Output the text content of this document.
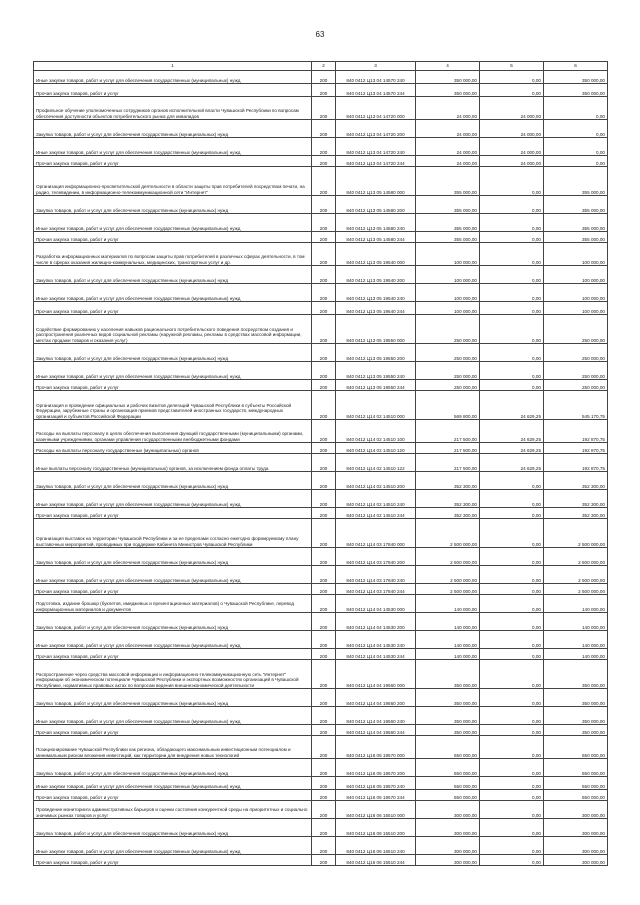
63
1	2	3	4	5	6
Иные закупки товаров, работ и услуг для обеспечения государственных (муниципальных) нужд	200	840 0412 Ц13 04 14570 240	350 000,00	0,00	350 000,00
Прочая закупка товаров, работ и услуг	200	840 0412 Ц13 04 14570 244	350 000,00	0,00	350 000,00
Профильное обучение уполномоченных сотрудников органов исполнительной власти Чувашской Республики по вопросам обеспечения доступности объектов потребительского рынка для инвалидов	200	840 0412 Ц13 04 14720 000	24 000,00	24 000,00	0,00
Закупка товаров, работ и услуг для обеспечения государственных (муниципальных) нужд	200	840 0412 Ц13 04 14720 200	24 000,00	24 000,00	0,00
Иные закупки товаров, работ и услуг для обеспечения государственных (муниципальных) нужд	200	840 0412 Ц13 04 14720 240	24 000,00	24 000,00	0,00
Прочая закупка товаров, работ и услуг	200	840 0412 Ц13 04 14720 244	24 000,00	24 000,00	0,00
Организация информационно-просветительской деятельности в области защиты прав потребителей посредством печати, на радио, телевидении, в информационно-телекоммуникационной сети "Интернет"	200	840 0412 Ц13 05 14580 000	355 000,00	0,00	355 000,00
Закупка товаров, работ и услуг для обеспечения государственных (муниципальных) нужд	200	840 0412 Ц13 05 14580 200	355 000,00	0,00	355 000,00
Иные закупки товаров, работ и услуг для обеспечения государственных (муниципальных) нужд	200	840 0412 Ц13 05 14580 240	355 000,00	0,00	355 000,00
Прочая закупка товаров, работ и услуг	200	840 0412 Ц13 05 14580 244	355 000,00	0,00	355 000,00
Разработка информационных материалов по вопросам защиты прав потребителей в различных сферах деятельности, в том числе в сферах оказания жилищно-коммунальных, медицинских, транспортных услуг и др.	200	840 0412 Ц13 05 19540 000	100 000,00	0,00	100 000,00
Закупка товаров, работ и услуг для обеспечения государственных (муниципальных) нужд	200	840 0412 Ц13 05 19540 200	100 000,00	0,00	100 000,00
Иные закупки товаров, работ и услуг для обеспечения государственных (муниципальных) нужд	200	840 0412 Ц13 05 19540 240	100 000,00	0,00	100 000,00
Прочая закупка товаров, работ и услуг	200	840 0412 Ц13 05 19540 244	100 000,00	0,00	100 000,00
Содействие формированию у населения навыков рационального потребительского поведения посредством создания и распространения различных видов социальной рекламы (наружной рекламы, рекламы в средствах массовой информации, местах продажи товаров и оказания услуг)	200	840 0412 Ц13 05 19550 000	250 000,00	0,00	250 000,00
Закупка товаров, работ и услуг для обеспечения государственных (муниципальных) нужд	200	840 0412 Ц13 05 19550 200	250 000,00	0,00	250 000,00
Иные закупки товаров, работ и услуг для обеспечения государственных (муниципальных) нужд	200	840 0412 Ц13 05 19550 240	250 000,00	0,00	250 000,00
Прочая закупка товаров, работ и услуг	200	840 0412 Ц13 05 19550 244	250 000,00	0,00	250 000,00
Организация и проведение официальных и рабочих визитов делегаций Чувашской Республики в субъекты Российской Федерации, зарубежные страны и организация приемов представителей иностранных государств, международных организаций и субъектов Российской Федерации	200	840 0412 Ц14 02 14510 000	569 800,00	24 629,25	545 170,75
Расходы на выплаты персоналу в целях обеспечения выполнения функций государственными (муниципальными) органами, казенными учреждениями, органами управления государственными внебюджетными фондами	200	840 0412 Ц14 02 14510 100	217 500,00	24 629,25	192 870,75
Расходы на выплаты персоналу государственных (муниципальных) органов	200	840 0412 Ц14 02 14510 120	217 500,00	24 629,25	192 870,75
Иные выплаты персоналу государственных (муниципальных) органов, за исключением фонда оплаты труда	200	840 0412 Ц14 02 14510 122	217 500,00	24 629,25	192 870,75
Закупка товаров, работ и услуг для обеспечения государственных (муниципальных) нужд	200	840 0412 Ц14 02 14510 200	352 300,00	0,00	352 300,00
Иные закупки товаров, работ и услуг для обеспечения государственных (муниципальных) нужд	200	840 0412 Ц14 02 14510 240	352 300,00	0,00	352 300,00
Прочая закупка товаров, работ и услуг	200	840 0412 Ц14 02 14510 244	352 300,00	0,00	352 300,00
Организация выставок на территории Чувашской Республики и за ее пределами согласно ежегодно формируемому плану выставочных мероприятий, проводимых при поддержке Кабинета Министров Чувашской Республики	200	840 0412 Ц14 03 17840 000	2 500 000,00	0,00	2 500 000,00
Закупка товаров, работ и услуг для обеспечения государственных (муниципальных) нужд	200	840 0412 Ц14 03 17840 200	2 500 000,00	0,00	2 500 000,00
Иные закупки товаров, работ и услуг для обеспечения государственных (муниципальных) нужд	200	840 0412 Ц14 03 17840 240	2 500 000,00	0,00	2 500 000,00
Прочая закупка товаров, работ и услуг	200	840 0412 Ц14 03 17840 244	2 500 000,00	0,00	2 500 000,00
Подготовка, издание брошюр (буклетов, имиджевых и презентационных материалов) о Чувашской Республике, перевод информационных материалов и документов	200	840 0412 Ц14 04 14530 000	140 000,00	0,00	140 000,00
Закупка товаров, работ и услуг для обеспечения государственных (муниципальных) нужд	200	840 0412 Ц14 04 14530 200	140 000,00	0,00	140 000,00
Иные закупки товаров, работ и услуг для обеспечения государственных (муниципальных) нужд	200	840 0412 Ц14 04 14530 240	140 000,00	0,00	140 000,00
Прочая закупка товаров, работ и услуг	200	840 0412 Ц14 04 14530 244	140 000,00	0,00	140 000,00
Распространение через средства массовой информации и информационно-телекоммуникационную сеть "Интернет" информации об экономическом потенциале Чувашской Республики и экспортных возможностях организаций в Чувашской Республике, нормативных правовых актах по вопросам ведения внешнеэкономической деятельности	200	840 0412 Ц14 04 19560 000	350 000,00	0,00	350 000,00
Закупка товаров, работ и услуг для обеспечения государственных (муниципальных) нужд	200	840 0412 Ц14 04 19560 200	350 000,00	0,00	350 000,00
Иные закупки товаров, работ и услуг для обеспечения государственных (муниципальных) нужд	200	840 0412 Ц14 04 19560 240	350 000,00	0,00	350 000,00
Прочая закупка товаров, работ и услуг	200	840 0412 Ц14 04 19560 244	350 000,00	0,00	350 000,00
Позиционирование Чувашской Республики как региона, обладающего максимальным инвестиционным потенциалом и минимальным риском вложения инвестиций, как территории для внедрения новых технологий	200	840 0412 Ц16 05 19570 000	550 000,00	0,00	550 000,00
Закупка товаров, работ и услуг для обеспечения государственных (муниципальных) нужд	200	840 0412 Ц16 05 19570 200	550 000,00	0,00	550 000,00
Иные закупки товаров, работ и услуг для обеспечения государственных (муниципальных) нужд	200	840 0412 Ц16 05 19570 240	550 000,00	0,00	550 000,00
Прочая закупка товаров, работ и услуг	200	840 0412 Ц16 05 19570 244	550 000,00	0,00	550 000,00
Проведение мониторинга административных барьеров и оценки состояния конкурентной среды на приоритетных и социально значимых рынках товаров и услуг	200	840 0412 Ц16 06 15510 000	300 000,00	0,00	300 000,00
Закупка товаров, работ и услуг для обеспечения государственных (муниципальных) нужд	200	840 0412 Ц16 06 15510 200	300 000,00	0,00	300 000,00
Иные закупки товаров, работ и услуг для обеспечения государственных (муниципальных) нужд	200	840 0412 Ц16 06 15510 240	300 000,00	0,00	300 000,00
Прочая закупка товаров, работ и услуг	200	840 0412 Ц16 06 15510 244	300 000,00	0,00	300 000,00
